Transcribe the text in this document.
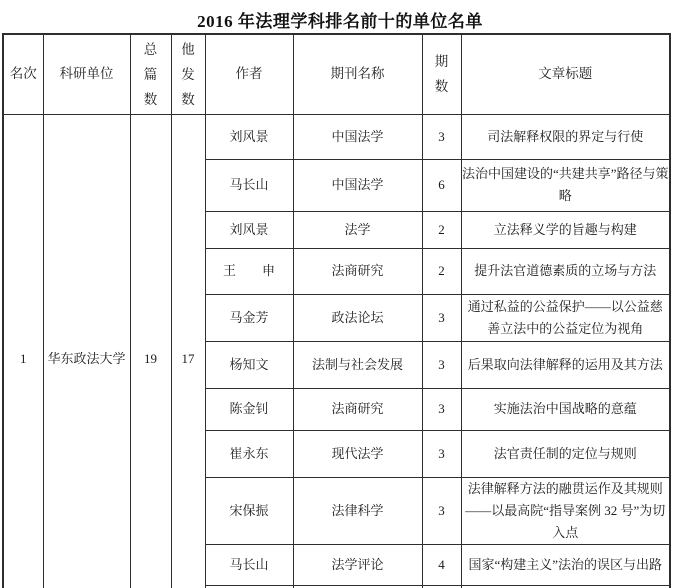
2016 年法理学科排名前十的单位名单
名次	科研单位	总篇数	他发数	作者	期刊名称	期数	文章标题
1	华东政法大学	19	17	刘风景	中国法学	3	司法解释权限的界定与行使
				马长山	中国法学	6	法治中国建设的“共建共享”路径与策略
				刘风景	法学	2	立法释义学的旨趣与构建
				王　　申	法商研究	2	提升法官道德素质的立场与方法
				马金芳	政法论坛	3	通过私益的公益保护——以公益慈善立法中的公益定位为视角
				杨知文	法制与社会发展	3	后果取向法律解释的运用及其方法
				陈金钊	法商研究	3	实施法治中国战略的意蕴
				崔永东	现代法学	3	法官责任制的定位与规则
				宋保振	法律科学	3	法律解释方法的融贯运作及其规则——以最高院“指导案例 32 号”为切入点
				马长山	法学评论	4	国家“构建主义”法治的误区与出路
